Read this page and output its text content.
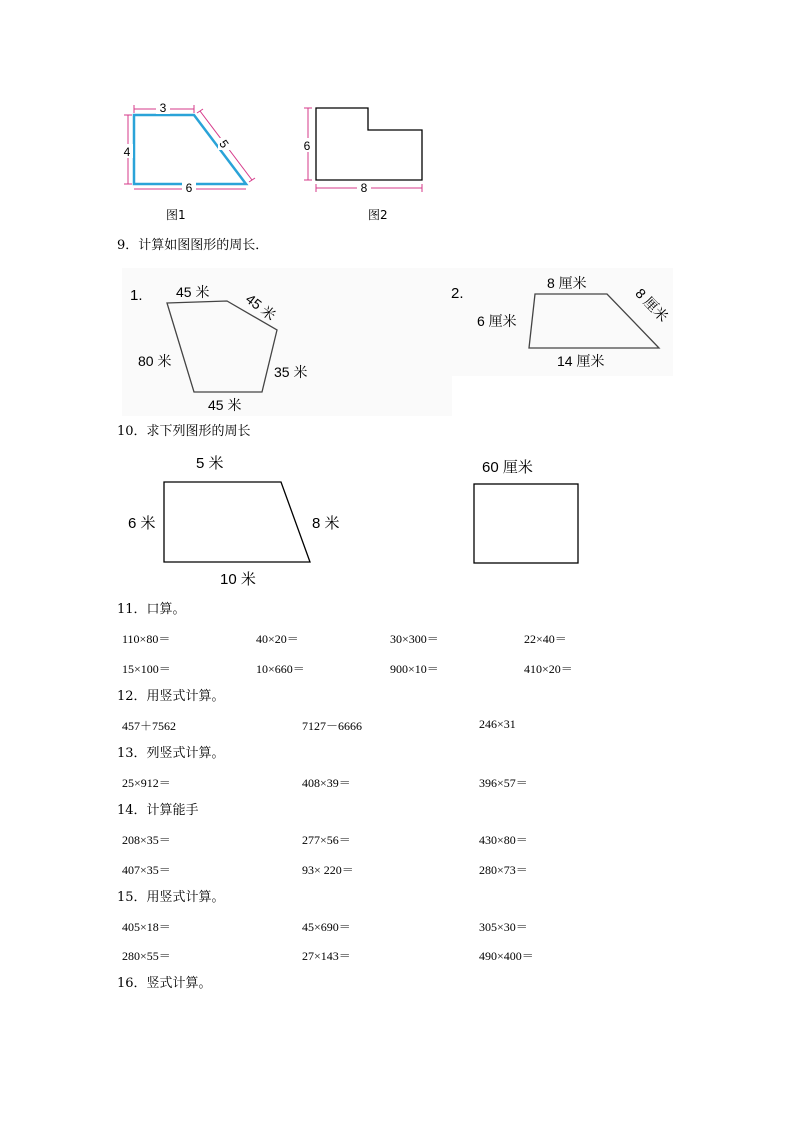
3
4
5
6
图1
6
8
图2
9．计算如图图形的周长．
1. 45 米 45 米
35 米
45 米
80 米
2.
8 厘米
8 厘米
6 厘米
14 厘米
10．求下列图形的周长
5 米
6 米	8 米
10 米
60 厘米
11．口算。
110×80＝	40×20＝	30×300＝	22×40＝
15×100＝	10×660＝	900×10＝	410×20＝
12．用竖式计算。
457＋7562	7127－6666	246×31
13．列竖式计算。
25×912＝	408×39＝	396×57＝
14．计算能手
208×35＝	277×56＝	430×80＝
407×35＝	93× 220＝	280×73＝
15．用竖式计算。
405×18＝	45×690＝	305×30＝
280×55＝	27×143＝	490×400＝
16．竖式计算。
